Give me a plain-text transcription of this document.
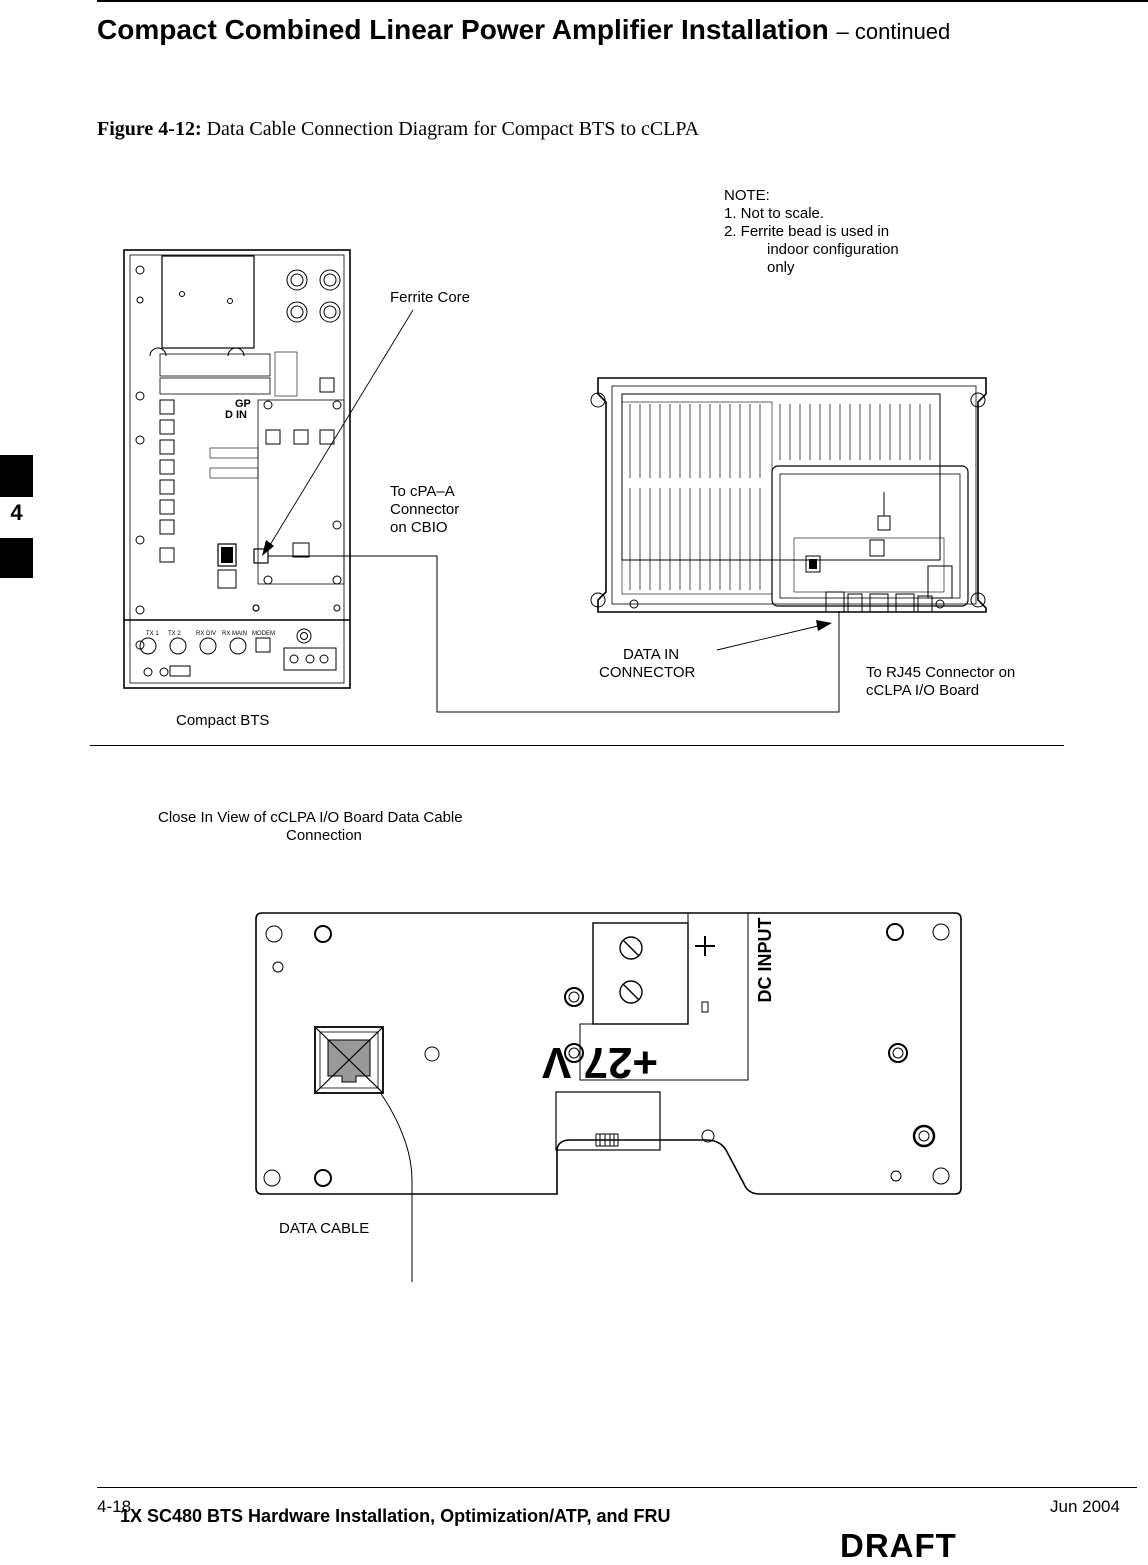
Compact Combined Linear Power Amplifier Installation – continued
Figure 4-12: Data Cable Connection Diagram for Compact BTS to cCLPA
4
+27 V
DC INPUT
GP
D IN
TX 1 TX 2	RX DIV RX MAIN MODEM
NOTE:
1. Not to scale.
2. Ferrite bead is used in
indoor configuration
only
Ferrite Core
To cPA–A
Connector
on CBIO
DATA IN
CONNECTOR	To RJ45 Connector on
cCLPA I/O Board
Compact BTS
Close In View of cCLPA I/O Board Data Cable
Connection
DATA CABLE
4-18
1X SC480 BTS Hardware Installation, Optimization/ATP, and FRU	Jun 2004
DRAFT
